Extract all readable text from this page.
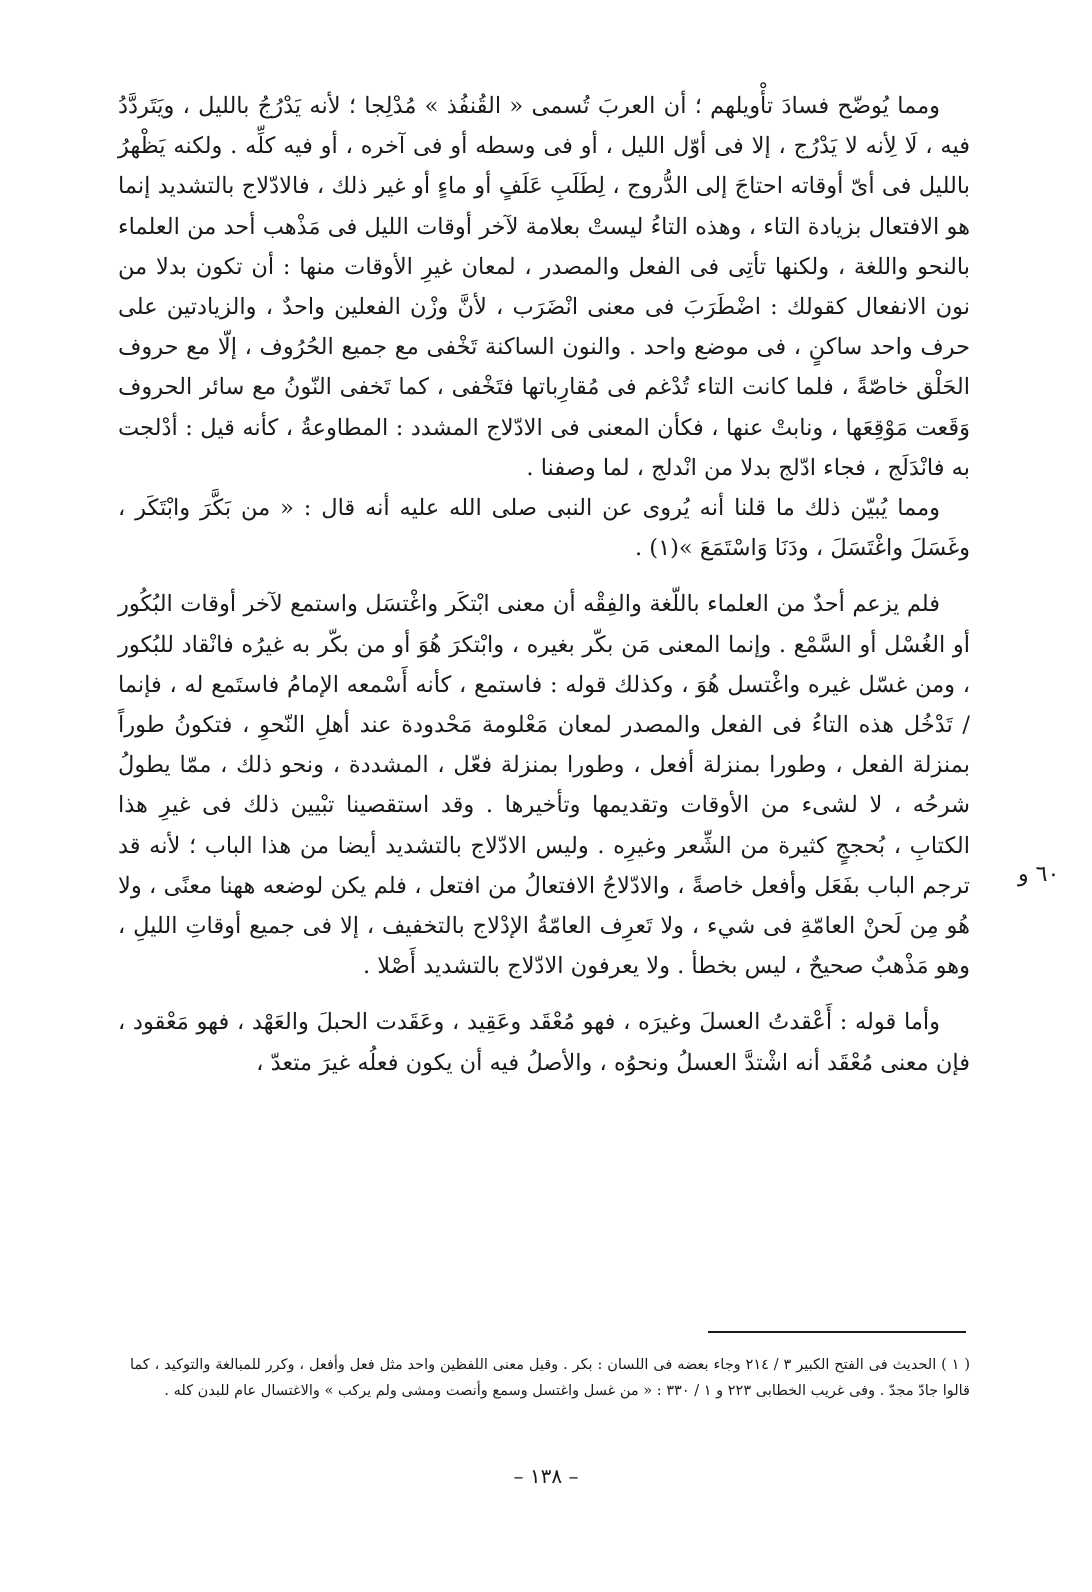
ومما يُوضّح فسادَ تأْويلهم ؛ أن العربَ تُسمى « القُنفُذ » مُدْلِجا ؛ لأنه يَدْرُجُ بالليل ، ويَتَردَّدُ فيه ، لَا لِأنه لا يَدْرُج ، إلا فى أوّل الليل ، أو فى وسطه أو فى آخره ، أو فيه كلِّه . ولكنه يَظْهرُ بالليل فى أىّ أوقاته احتاجَ إلى الدُّروج ، لِطَلَبِ عَلَفٍ أو ماءٍ أو غير ذلك ، فالادّلاج بالتشديد إنما هو الافتعال بزيادة التاء ، وهذه التاءُ ليستْ بعلامة لآخر أوقات الليل فى مَذْهب أحد من العلماء بالنحو واللغة ، ولكنها تأتِى فى الفعل والمصدر ، لمعان غيرِ الأوقات منها : أن تكون بدلا من نون الانفعال كقولك : اضْطَرَبَ فى معنى انْضَرَب ، لأنَّ وزْن الفعلين واحدٌ ، والزيادتين على حرف واحد ساكنٍ ، فى موضع واحد . والنون الساكنة تَخْفى مع جميع الحُرُوف ، إلّا مع حروف الحَلْق خاصّةً ، فلما كانت التاء تُدْغم فى مُقارِباتها فتَخْفى ، كما تَخفى النّونُ مع سائر الحروف وَقَعت مَوْقِعَها ، ونابتْ عنها ، فكأن المعنى فى الادّلاج المشدد : المطاوعةُ ، كأنه قيل : أدْلجت به فانْدَلَج ، فجاء ادّلج بدلا من انْدلج ، لما وصفنا .

ومما يُبيّن ذلك ما قلنا أنه يُروى عن النبى صلى الله عليه أنه قال : « من بَكَّرَ وابْتَكَر ، وغَسَلَ واغْتَسَلَ ، ودَنَا وَاسْتَمَعَ »(١) .

فلم يزعم أحدٌ من العلماء باللّغة والفِقْه أن معنى ابْتكَر واغْتسَل واستمع لآخر أوقات البُكُور أو الغُسْل أو السَّمْع . وإنما المعنى مَن بكّر بغيره ، وابْتكرَ هُوَ أو من بكّر به غيرُه فانْقاد للبُكور ، ومن غسّل غيره واغْتسل هُوَ ، وكذلك قوله : فاستمع ، كأنه أَسْمعه الإمامُ فاستَمع له ، فإنما / تَدْخُل هذه التاءُ فى الفعل والمصدر لمعان مَعْلومة مَحْدودة عند أهلِ النّحوِ ، فتكونُ طوراً بمنزلة الفعل ، وطورا بمنزلة أفعل ، وطورا بمنزلة فعّل ، المشددة ، ونحو ذلك ، ممّا يطولُ شرحُه ، لا لشىء من الأوقات وتقديمها وتأخيرها . وقد استقصينا تبْيين ذلك فى غيرِ هذا الكتابِ ، بُحججٍ كثيرة من الشِّعر وغيرِه . وليس الادّلاج بالتشديد أيضا من هذا الباب ؛ لأنه قد ترجم الباب بفَعَل وأفعل خاصةً ، والادّلاجُ الافتعالُ من افتعل ، فلم يكن لوضعه ههنا معنًى ، ولا هُو مِن لَحنْ العامّةِ فى شيء ، ولا تَعرِف العامّةُ الإدْلاج بالتخفيف ، إلا فى جميع أوقاتِ الليلِ ، وهو مَذْهبٌ صحيحٌ ، ليس بخطأ . ولا يعرفون الادّلاج بالتشديد أَصْلا .

وأما قوله : أَعْقدتُ العسلَ وغيرَه ، فهو مُعْقَد وعَقِيد ، وعَقَدت الحبلَ والعَهْد ، فهو مَعْقود ، فإن معنى مُعْقَد أنه اشْتدَّ العسلُ ونحوُه ، والأصلُ فيه أن يكون فعلُه غيرَ متعدّ ،

٦٠ و

( ١ ) الحديث فى الفتح الكبير ٣ / ٢١٤ وجاء بعضه فى اللسان : بكر . وقيل معنى اللفظين واحد مثل فعل وأفعل ، وكرر للمبالغة والتوكيد ، كما قالوا جادّ مجدّ . وفى غريب الخطابى ٢٢٣ و ١ / ٣٣٠ : « من غسل واغتسل وسمع وأنصت ومشى ولم يركب » والاغتسال عام للبدن كله .

– ١٣٨ –
